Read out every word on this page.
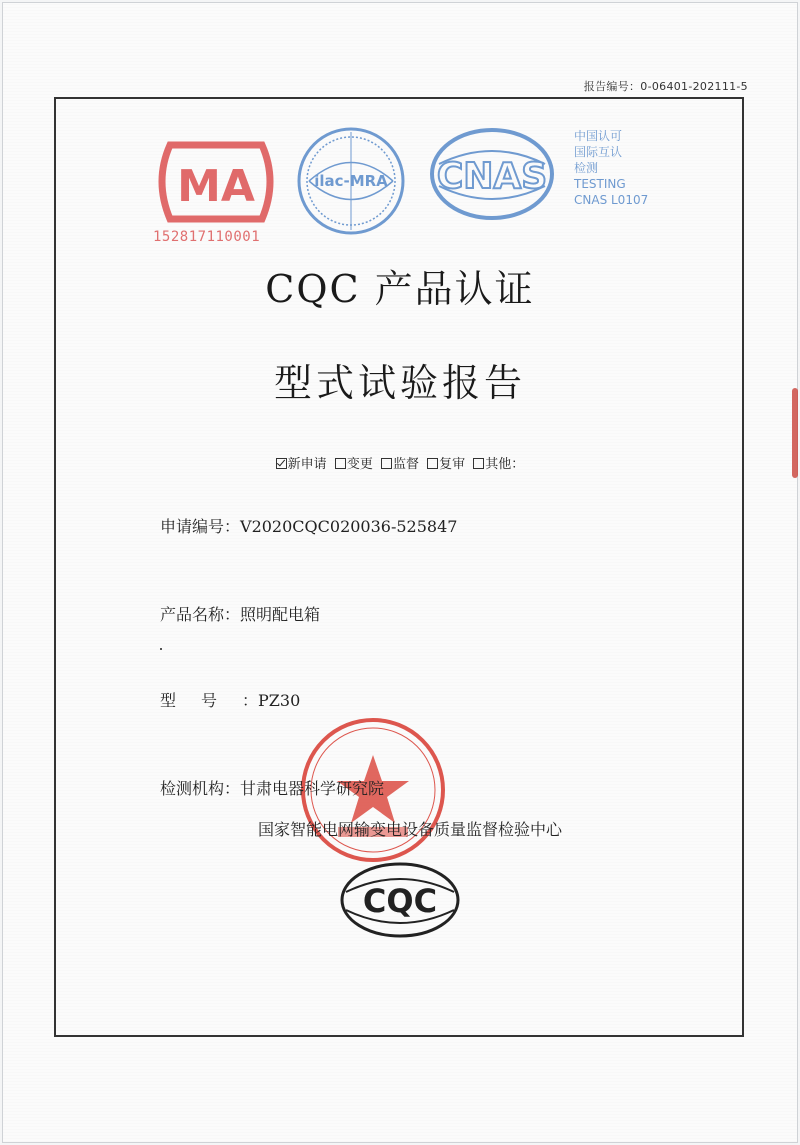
报告编号：0-06401-202111-5
MA
152817110001
ilac-MRA CNAS
中国认可
国际互认
检测
TESTING
CNAS L0107
CQC 产品认证
型式试验报告
新申请 变更 监督 复审 其他：
申请编号：V2020CQC020036-525847
产品名称：照明配电箱
型号：PZ30
检测机构：甘肃电器科学研究院
国家智能电网输变电设备质量监督检验中心
CQC
